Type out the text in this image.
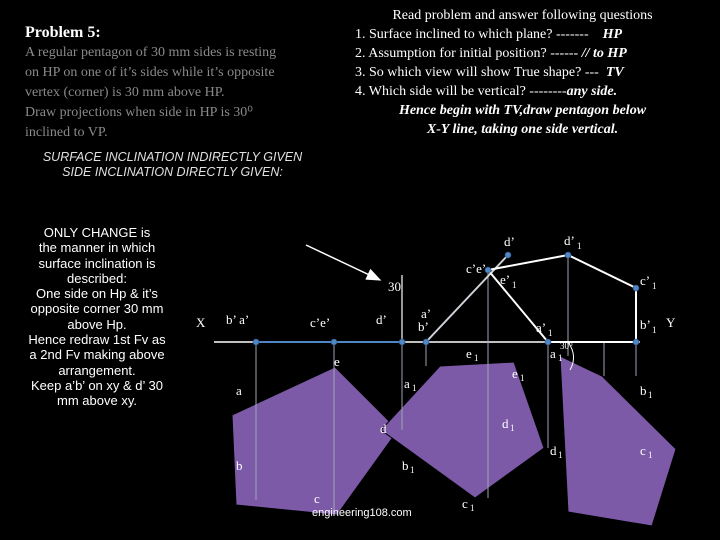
Problem 5:
A regular pentagon of 30 mm sides is resting
on HP on one of it’s sides while it’s opposite
vertex (corner) is 30 mm above HP.
Draw projections when side in HP is 30⁰
inclined to VP.
SURFACE INCLINATION INDIRECTLY GIVEN
SIDE INCLINATION DIRECTLY GIVEN:
Read problem and answer following questions
1. Surface inclined to which plane? ------- HP
2. Assumption for initial position? ------ // to HP
3. So which view will show True shape? --- TV
4. Which side will be vertical? --------any side.
Hence begin with TV,draw pentagon below
X-Y line, taking one side vertical.
ONLY CHANGE is
the manner in which
surface inclination is
described:
One side on Hp & it’s
opposite corner 30 mm
above Hp.
Hence redraw 1st Fv as
a 2nd Fv making above
arrangement.
Keep a’b’ on xy & d’ 30
mm above xy.
X	Y
b’ a’	c’e’	d’
30
c’e’
a’
b’
d’	d’ 1
e’ 1	c’ 1
a’ 1
b’ 1
30⁰
a 1
e 1
e 1
e
a 1
a	b 1
d	d 1
d 1	c 1
b	b 1
c	c 1
engineering108.com
